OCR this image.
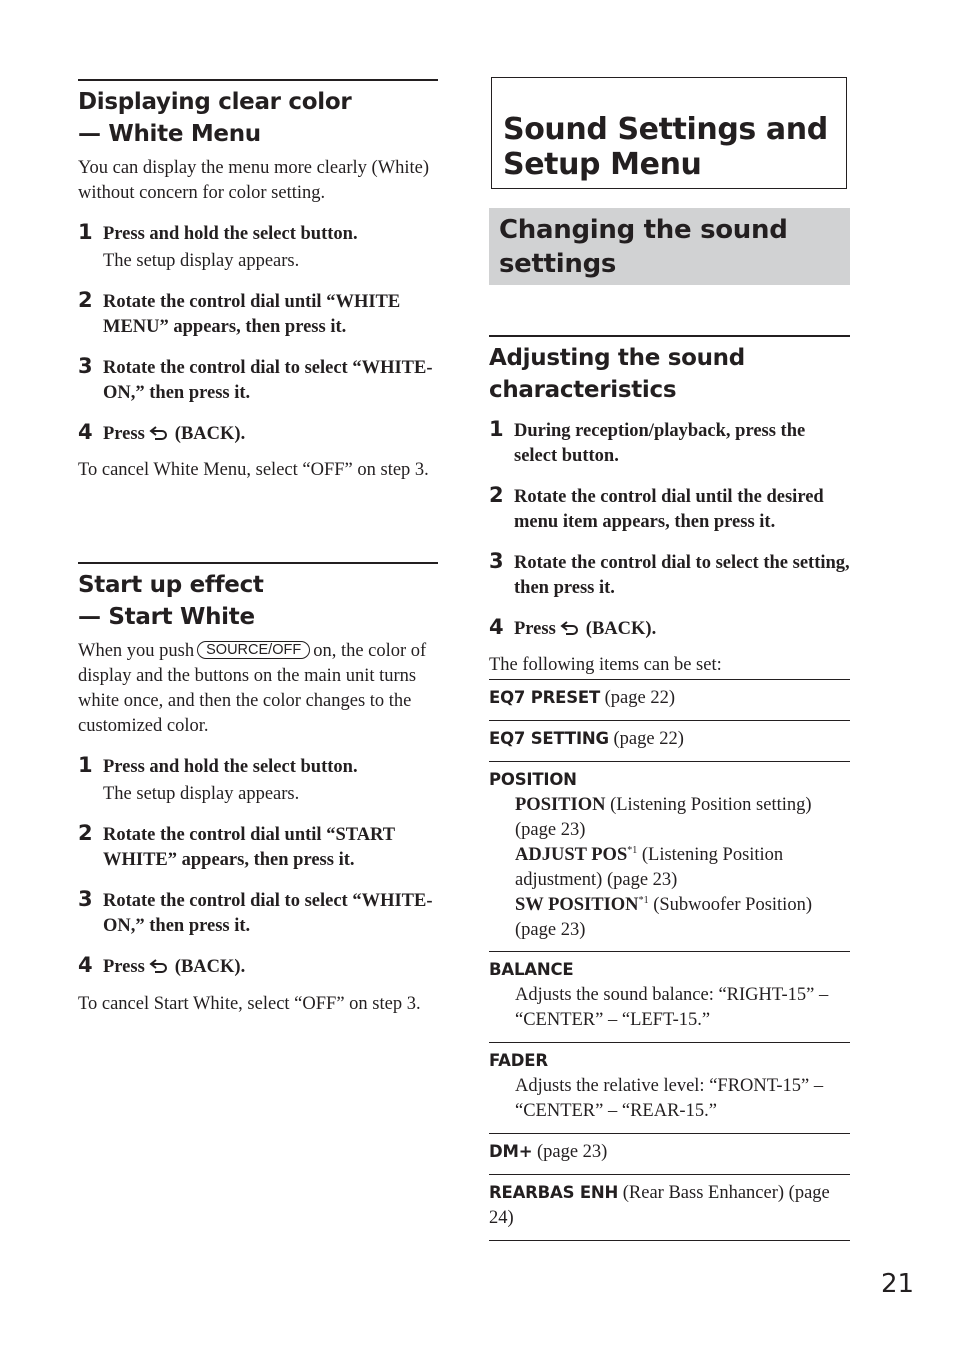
Displaying clear color
— White Menu
You can display the menu more clearly (White) without concern for color setting.
1 Press and hold the select button.
The setup display appears.
2 Rotate the control dial until “WHITE MENU” appears, then press it.
3 Rotate the control dial to select “WHITE-ON,” then press it.
4 Press (BACK).
To cancel White Menu, select “OFF” on step 3.
Start up effect
— Start White
When you push SOURCE/OFF on, the color of display and the buttons on the main unit turns white once, and then the color changes to the customized color.
1 Press and hold the select button.
The setup display appears.
2 Rotate the control dial until “START WHITE” appears, then press it.
3 Rotate the control dial to select “WHITE-ON,” then press it.
4 Press (BACK).
To cancel Start White, select “OFF” on step 3.
Sound Settings and
Setup Menu
Changing the sound
settings
Adjusting the sound
characteristics
1 During reception/playback, press the select button.
2 Rotate the control dial until the desired menu item appears, then press it.
3 Rotate the control dial to select the setting, then press it.
4 Press (BACK).
The following items can be set:
EQ7 PRESET (page 22)
EQ7 SETTING (page 22)
POSITION
POSITION (Listening Position setting) (page 23)
ADJUST POS$^{*1}$ (Listening Position adjustment) (page 23)
SW POSITION$^{*1}$ (Subwoofer Position) (page 23)
BALANCE
Adjusts the sound balance: “RIGHT-15” – “CENTER” – “LEFT-15.”
FADER
Adjusts the relative level: “FRONT-15” – “CENTER” – “REAR-15.”
DM+ (page 23)
REARBAS ENH (Rear Bass Enhancer) (page 24)
21
